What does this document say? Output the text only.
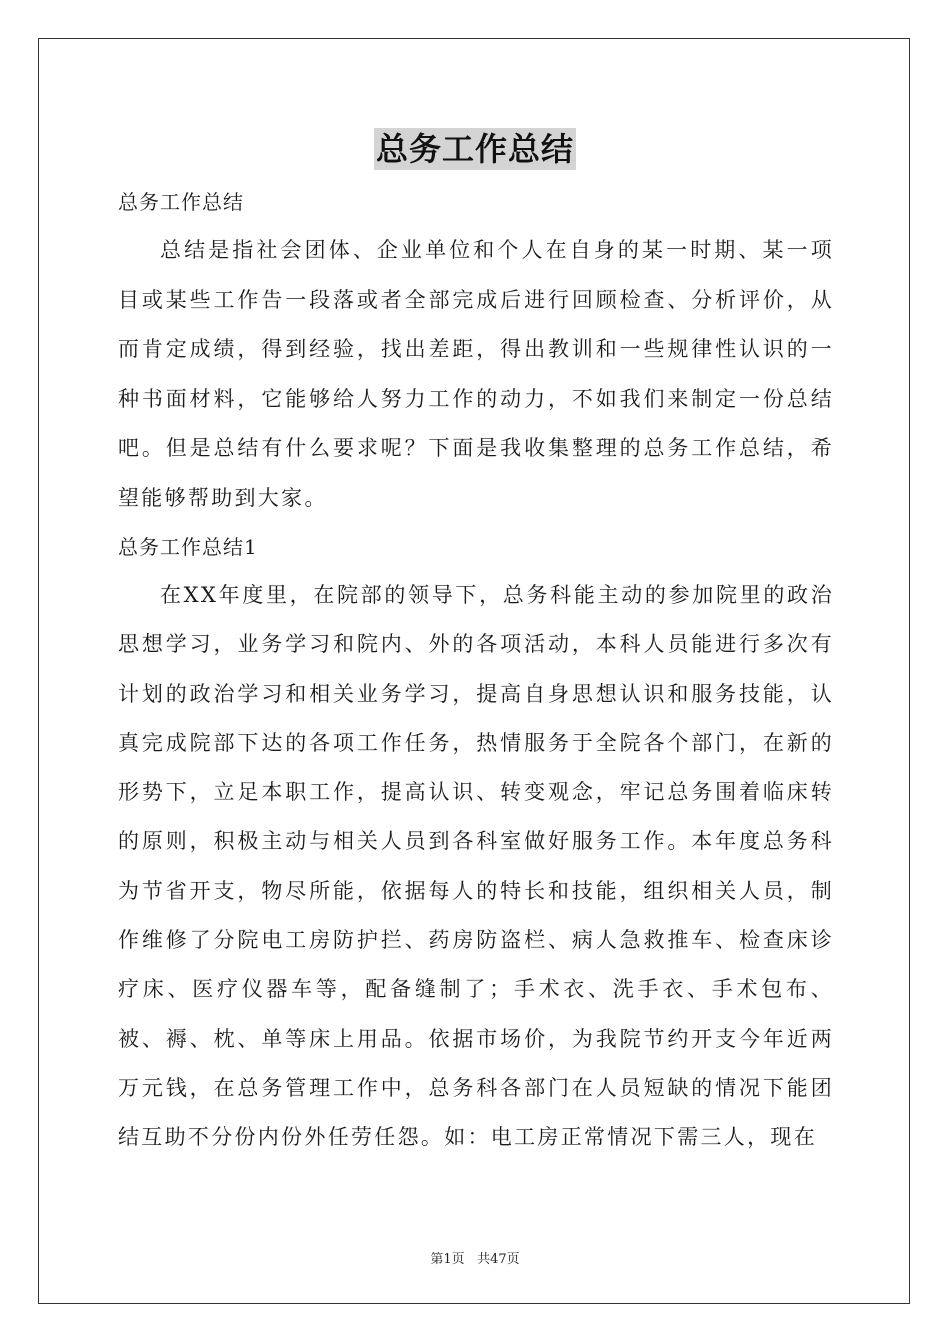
总务工作总结
总务工作总结

总结是指社会团体、企业单位和个人在自身的某一时期、某一项目或某些工作告一段落或者全部完成后进行回顾检查、分析评价，从而肯定成绩，得到经验，找出差距，得出教训和一些规律性认识的一种书面材料，它能够给人努力工作的动力，不如我们来制定一份总结吧。但是总结有什么要求呢？下面是我收集整理的总务工作总结，希望能够帮助到大家。

总务工作总结1

在XX年度里，在院部的领导下，总务科能主动的参加院里的政治思想学习，业务学习和院内、外的各项活动，本科人员能进行多次有计划的政治学习和相关业务学习，提高自身思想认识和服务技能，认真完成院部下达的各项工作任务，热情服务于全院各个部门，在新的形势下，立足本职工作，提高认识、转变观念，牢记总务围着临床转的原则，积极主动与相关人员到各科室做好服务工作。本年度总务科为节省开支，物尽所能，依据每人的特长和技能，组织相关人员，制作维修了分院电工房防护拦、药房防盗栏、病人急救推车、检查床诊疗床、医疗仪器车等，配备缝制了；手术衣、洗手衣、手术包布、被、褥、枕、单等床上用品。依据市场价，为我院节约开支今年近两万元钱，在总务管理工作中，总务科各部门在人员短缺的情况下能团结互助不分份内份外任劳任怨。如：电工房正常情况下需三人，现在

第1页 共47页
